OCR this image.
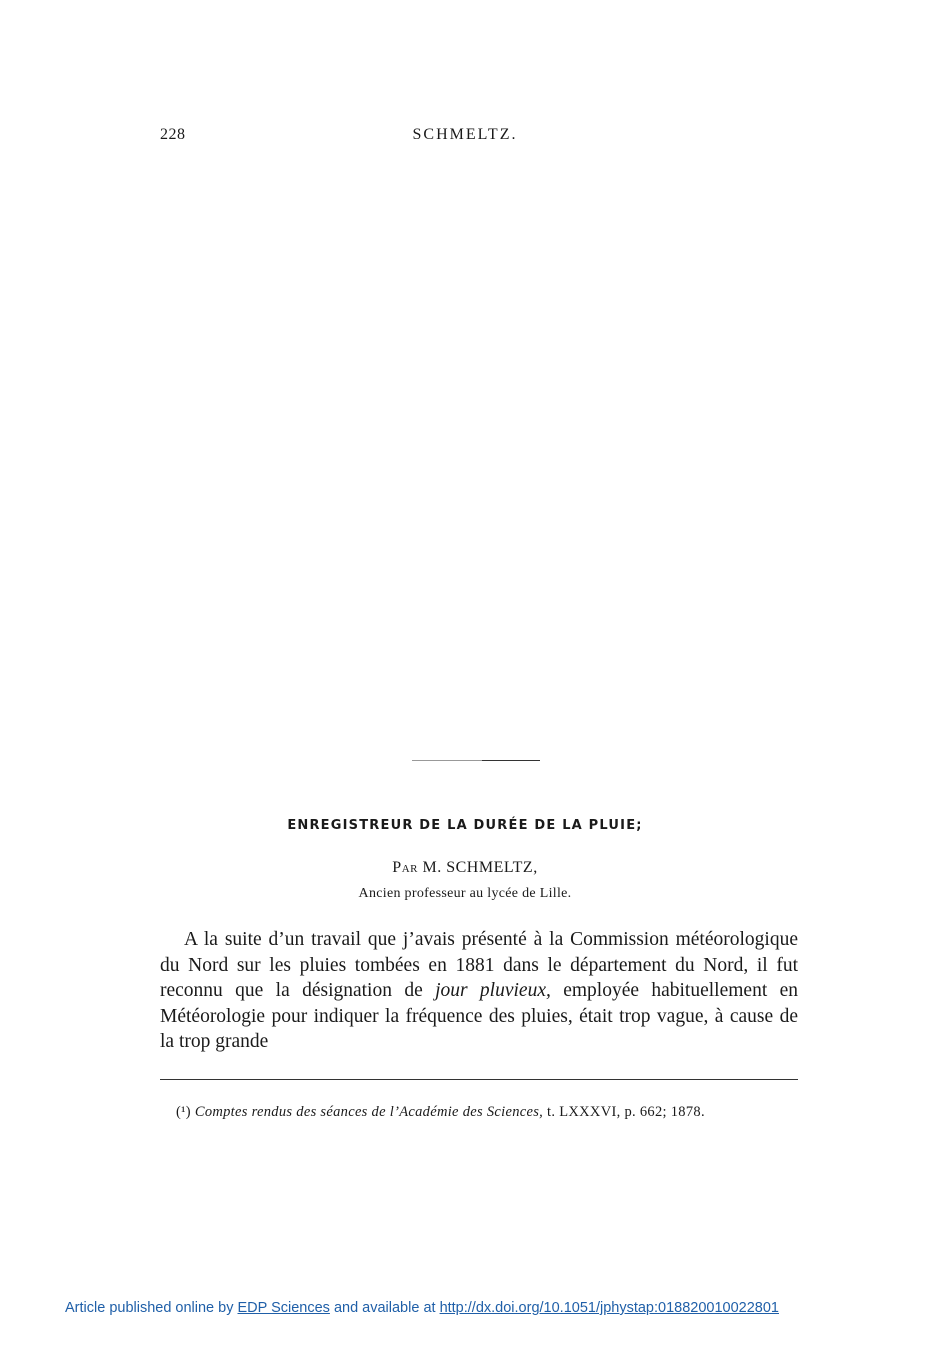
228	SCHMELTZ.
ENREGISTREUR DE LA DURÉE DE LA PLUIE;
Par M. SCHMELTZ,
Ancien professeur au lycée de Lille.

A la suite d’un travail que j’avais présenté à la Commission météorologique du Nord sur les pluies tombées en 1881 dans le département du Nord, il fut reconnu que la désignation de jour pluvieux, employée habituellement en Météorologie pour indiquer la fréquence des pluies, était trop vague, à cause de la trop grande

(¹) Comptes rendus des séances de l’Académie des Sciences, t. LXXXVI, p. 662; 1878.

Article published online by EDP Sciences and available at http://dx.doi.org/10.1051/jphystap:018820010022801
